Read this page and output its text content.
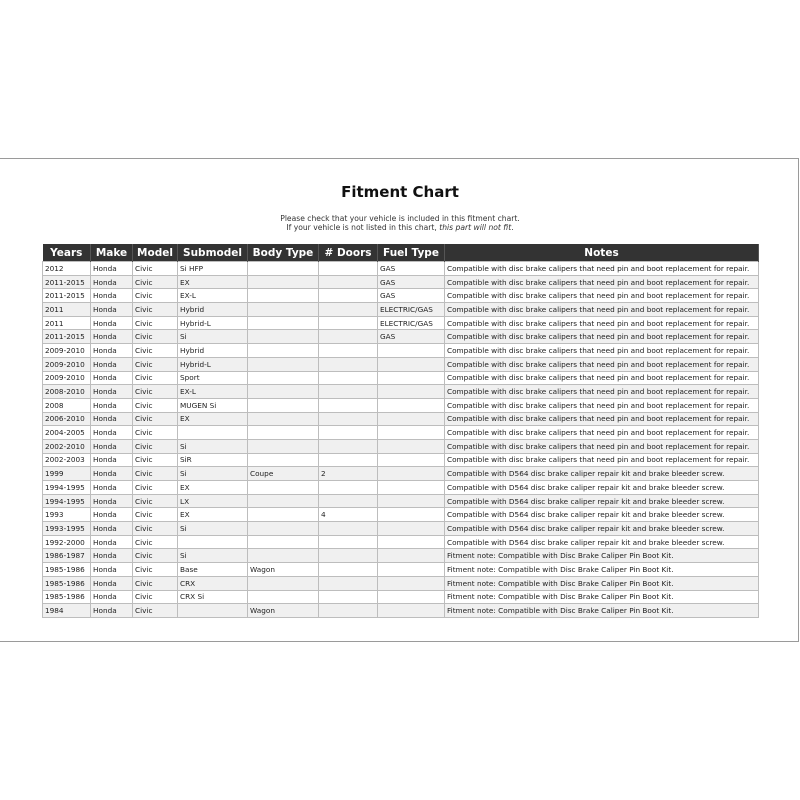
Fitment Chart
Please check that your vehicle is included in this fitment chart.
If your vehicle is not listed in this chart, this part will not fit.
Years	Make	Model	Submodel	Body Type	# Doors	Fuel Type	Notes
2012	Honda	Civic	Si HFP			GAS	Compatible with disc brake calipers that need pin and boot replacement for repair.
2011-2015	Honda	Civic	EX			GAS	Compatible with disc brake calipers that need pin and boot replacement for repair.
2011-2015	Honda	Civic	EX-L			GAS	Compatible with disc brake calipers that need pin and boot replacement for repair.
2011	Honda	Civic	Hybrid			ELECTRIC/GAS	Compatible with disc brake calipers that need pin and boot replacement for repair.
2011	Honda	Civic	Hybrid-L			ELECTRIC/GAS	Compatible with disc brake calipers that need pin and boot replacement for repair.
2011-2015	Honda	Civic	Si			GAS	Compatible with disc brake calipers that need pin and boot replacement for repair.
2009-2010	Honda	Civic	Hybrid				Compatible with disc brake calipers that need pin and boot replacement for repair.
2009-2010	Honda	Civic	Hybrid-L				Compatible with disc brake calipers that need pin and boot replacement for repair.
2009-2010	Honda	Civic	Sport				Compatible with disc brake calipers that need pin and boot replacement for repair.
2008-2010	Honda	Civic	EX-L				Compatible with disc brake calipers that need pin and boot replacement for repair.
2008	Honda	Civic	MUGEN Si				Compatible with disc brake calipers that need pin and boot replacement for repair.
2006-2010	Honda	Civic	EX				Compatible with disc brake calipers that need pin and boot replacement for repair.
2004-2005	Honda	Civic					Compatible with disc brake calipers that need pin and boot replacement for repair.
2002-2010	Honda	Civic	Si				Compatible with disc brake calipers that need pin and boot replacement for repair.
2002-2003	Honda	Civic	SiR				Compatible with disc brake calipers that need pin and boot replacement for repair.
1999	Honda	Civic	Si	Coupe	2		Compatible with D564 disc brake caliper repair kit and brake bleeder screw.
1994-1995	Honda	Civic	EX				Compatible with D564 disc brake caliper repair kit and brake bleeder screw.
1994-1995	Honda	Civic	LX				Compatible with D564 disc brake caliper repair kit and brake bleeder screw.
1993	Honda	Civic	EX		4		Compatible with D564 disc brake caliper repair kit and brake bleeder screw.
1993-1995	Honda	Civic	Si				Compatible with D564 disc brake caliper repair kit and brake bleeder screw.
1992-2000	Honda	Civic					Compatible with D564 disc brake caliper repair kit and brake bleeder screw.
1986-1987	Honda	Civic	Si				Fitment note: Compatible with Disc Brake Caliper Pin Boot Kit.
1985-1986	Honda	Civic	Base	Wagon			Fitment note: Compatible with Disc Brake Caliper Pin Boot Kit.
1985-1986	Honda	Civic	CRX				Fitment note: Compatible with Disc Brake Caliper Pin Boot Kit.
1985-1986	Honda	Civic	CRX Si				Fitment note: Compatible with Disc Brake Caliper Pin Boot Kit.
1984	Honda	Civic		Wagon			Fitment note: Compatible with Disc Brake Caliper Pin Boot Kit.
